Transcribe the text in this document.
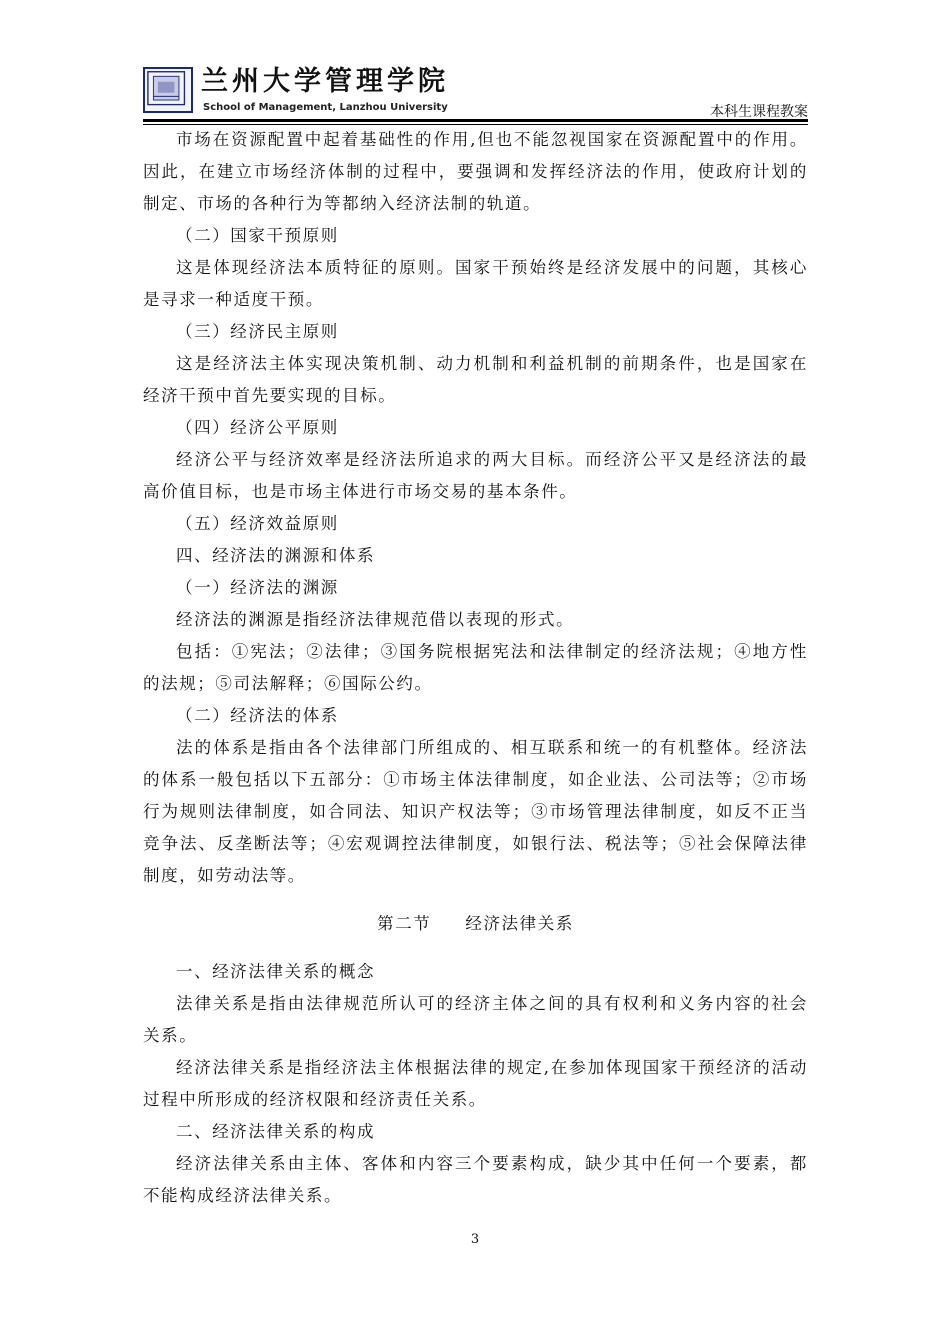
兰州大学管理学院
School of Management, Lanzhou University	本科生课程教案

市场在资源配置中起着基础性的作用,但也不能忽视国家在资源配置中的作用。因此，在建立市场经济体制的过程中，要强调和发挥经济法的作用，使政府计划的制定、市场的各种行为等都纳入经济法制的轨道。

（二）国家干预原则

这是体现经济法本质特征的原则。国家干预始终是经济发展中的问题，其核心是寻求一种适度干预。

（三）经济民主原则

这是经济法主体实现决策机制、动力机制和利益机制的前期条件，也是国家在经济干预中首先要实现的目标。

（四）经济公平原则

经济公平与经济效率是经济法所追求的两大目标。而经济公平又是经济法的最高价值目标，也是市场主体进行市场交易的基本条件。

（五）经济效益原则

四、经济法的渊源和体系

（一）经济法的渊源

经济法的渊源是指经济法律规范借以表现的形式。

包括：①宪法；②法律；③国务院根据宪法和法律制定的经济法规；④地方性的法规；⑤司法解释；⑥国际公约。

（二）经济法的体系

法的体系是指由各个法律部门所组成的、相互联系和统一的有机整体。经济法的体系一般包括以下五部分：①市场主体法律制度，如企业法、公司法等；②市场行为规则法律制度，如合同法、知识产权法等；③市场管理法律制度，如反不正当竞争法、反垄断法等；④宏观调控法律制度，如银行法、税法等；⑤社会保障法律制度，如劳动法等。

第二节 经济法律关系

一、经济法律关系的概念

法律关系是指由法律规范所认可的经济主体之间的具有权利和义务内容的社会关系。

经济法律关系是指经济法主体根据法律的规定,在参加体现国家干预经济的活动过程中所形成的经济权限和经济责任关系。

二、经济法律关系的构成

经济法律关系由主体、客体和内容三个要素构成，缺少其中任何一个要素，都不能构成经济法律关系。

3
